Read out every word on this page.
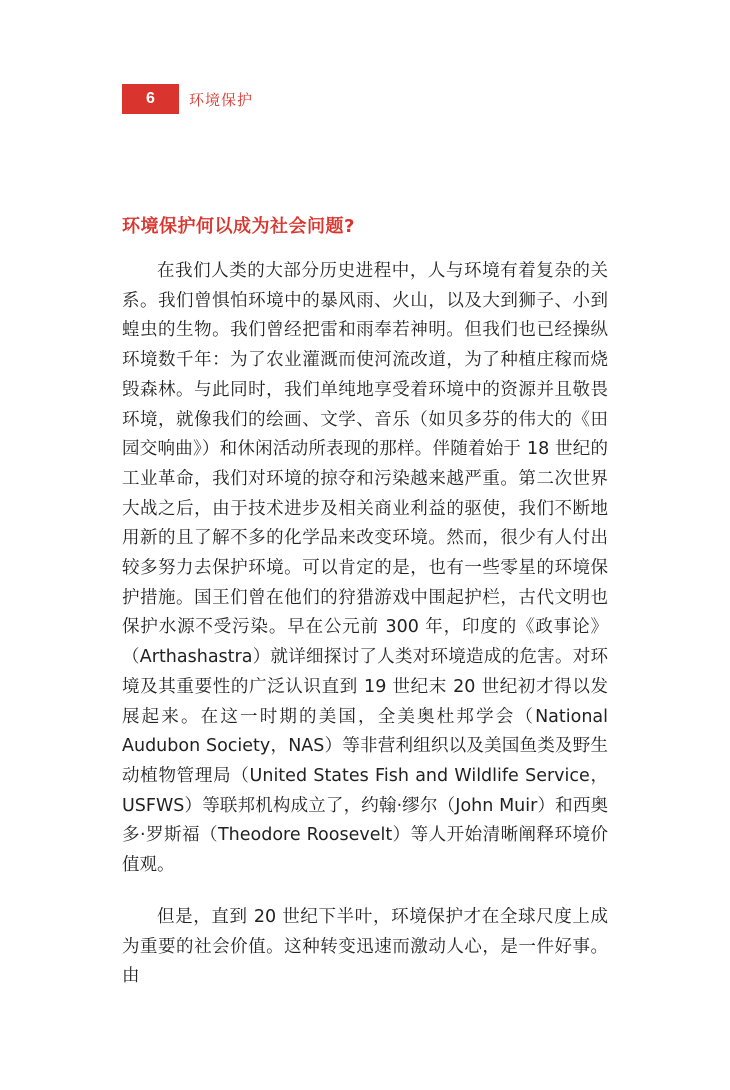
6	环境保护
环境保护何以成为社会问题?

在我们人类的大部分历史进程中，人与环境有着复杂的关系。我们曾惧怕环境中的暴风雨、火山，以及大到狮子、小到蝗虫的生物。我们曾经把雷和雨奉若神明。但我们也已经操纵环境数千年：为了农业灌溉而使河流改道，为了种植庄稼而烧毁森林。与此同时，我们单纯地享受着环境中的资源并且敬畏环境，就像我们的绘画、文学、音乐（如贝多芬的伟大的《田园交响曲》）和休闲活动所表现的那样。伴随着始于 18 世纪的工业革命，我们对环境的掠夺和污染越来越严重。第二次世界大战之后，由于技术进步及相关商业利益的驱使，我们不断地用新的且了解不多的化学品来改变环境。然而，很少有人付出较多努力去保护环境。可以肯定的是，也有一些零星的环境保护措施。国王们曾在他们的狩猎游戏中围起护栏，古代文明也保护水源不受污染。早在公元前 300 年，印度的《政事论》（Arthashastra）就详细探讨了人类对环境造成的危害。对环境及其重要性的广泛认识直到 19 世纪末 20 世纪初才得以发展起来。在这一时期的美国，全美奥杜邦学会（National Audubon Society，NAS）等非营利组织以及美国鱼类及野生动植物管理局（United States Fish and Wildlife Service，USFWS）等联邦机构成立了，约翰·缪尔（John Muir）和西奥多·罗斯福（Theodore Roosevelt）等人开始清晰阐释环境价值观。

但是，直到 20 世纪下半叶，环境保护才在全球尺度上成为重要的社会价值。这种转变迅速而激动人心，是一件好事。由
